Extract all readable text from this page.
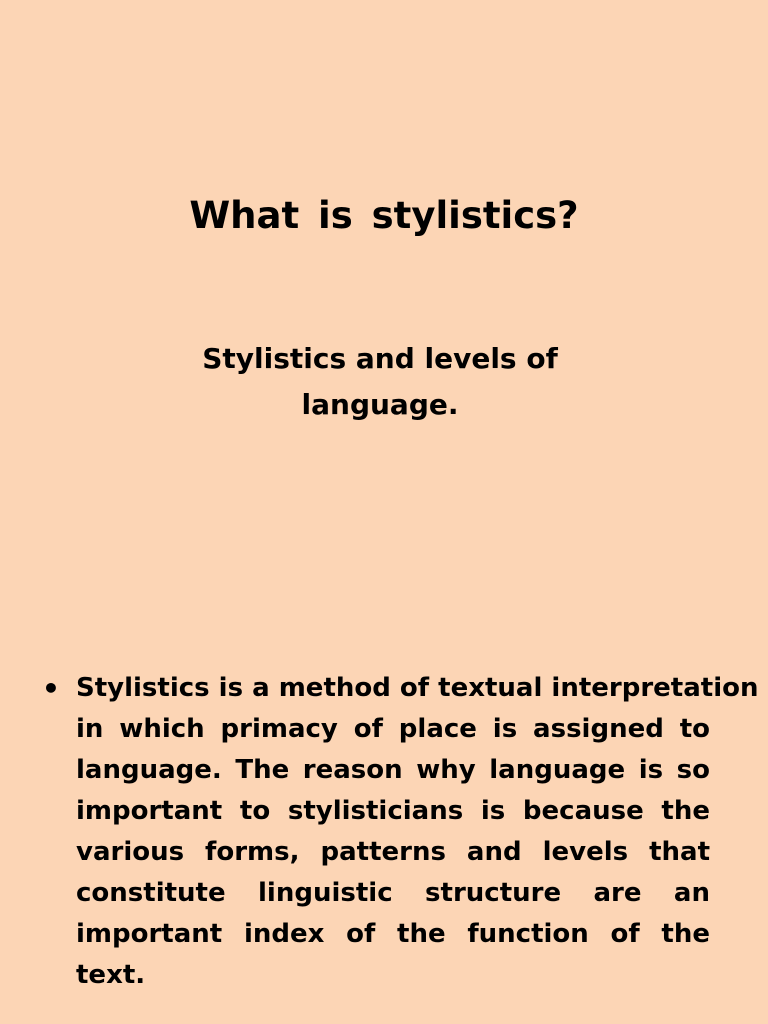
What is stylistics?
Stylistics and levels of
language.
• Stylistics is a method of textual interpretation
in which primacy of place is assigned to
language. The reason why language is so
important to stylisticians is because the
various forms, patterns and levels that
constitute linguistic structure are an
important index of the function of the
text.
